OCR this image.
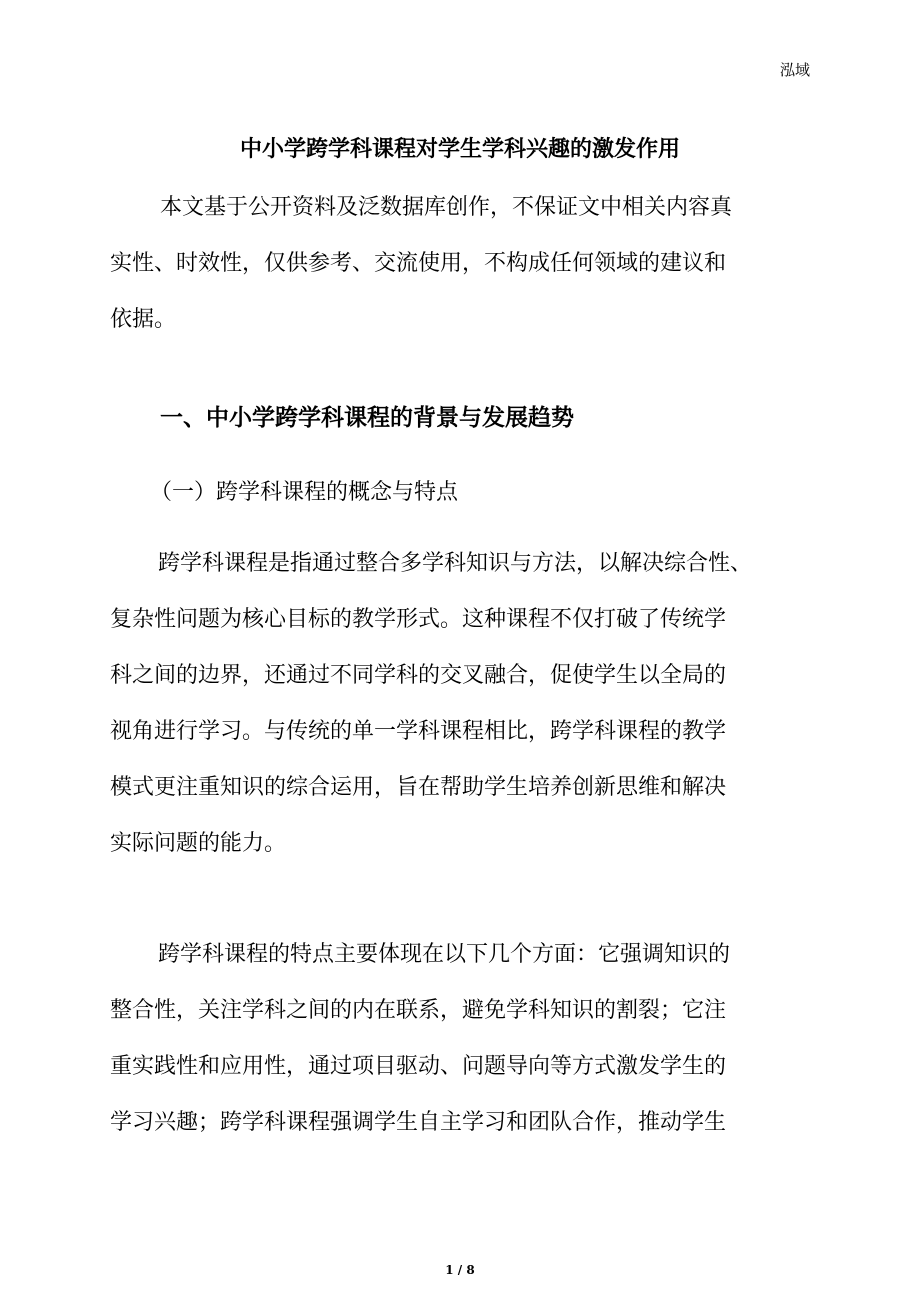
泓域
中小学跨学科课程对学生学科兴趣的激发作用
本文基于公开资料及泛数据库创作，不保证文中相关内容真
实性、时效性，仅供参考、交流使用，不构成任何领域的建议和
依据。
一、中小学跨学科课程的背景与发展趋势
（一）跨学科课程的概念与特点
跨学科课程是指通过整合多学科知识与方法，以解决综合性、
复杂性问题为核心目标的教学形式。这种课程不仅打破了传统学
科之间的边界，还通过不同学科的交叉融合，促使学生以全局的
视角进行学习。与传统的单一学科课程相比，跨学科课程的教学
模式更注重知识的综合运用，旨在帮助学生培养创新思维和解决
实际问题的能力。
跨学科课程的特点主要体现在以下几个方面：它强调知识的
整合性，关注学科之间的内在联系，避免学科知识的割裂；它注
重实践性和应用性，通过项目驱动、问题导向等方式激发学生的
学习兴趣；跨学科课程强调学生自主学习和团队合作，推动学生
1 / 8
